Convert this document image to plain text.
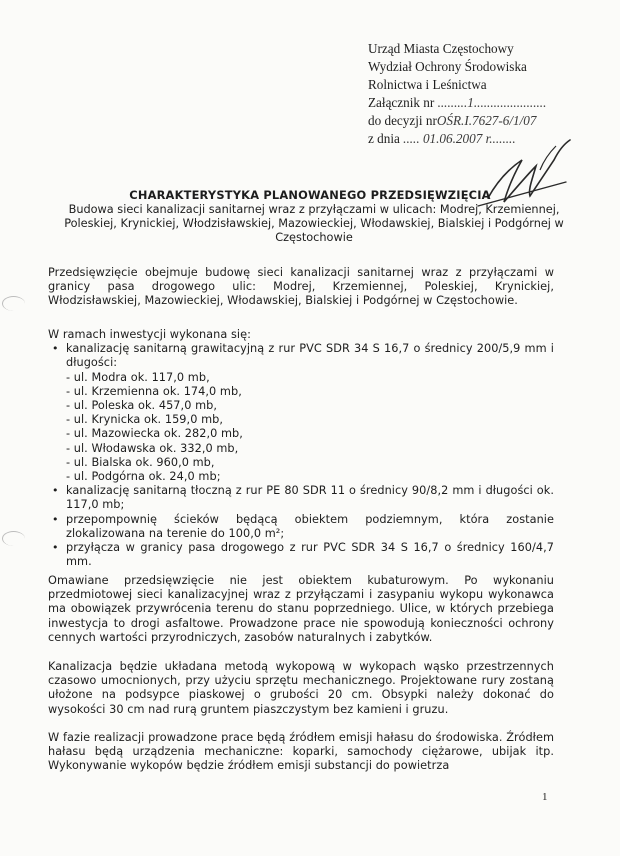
Urząd Miasta Częstochowy
Wydział Ochrony Środowiska
Rolnictwa i Leśnictwa
Załącznik nr .........1......................
do decyzji nrOŚR.I.7627-6/1/07
z dnia ..... 01.06.2007 r........
CHARAKTERYSTYKA PLANOWANEGO PRZEDSIĘWZIĘCIA
Budowa sieci kanalizacji sanitarnej wraz z przyłączami w ulicach: Modrej, Krzemiennej, Poleskiej, Krynickiej, Włodzisławskiej, Mazowieckiej, Włodawskiej, Bialskiej i Podgórnej w Częstochowie
Przedsięwzięcie obejmuje budowę sieci kanalizacji sanitarnej wraz z przyłączami w granicy pasa drogowego ulic: Modrej, Krzemiennej, Poleskiej, Krynickiej, Włodzisławskiej, Mazowieckiej, Włodawskiej, Bialskiej i Podgórnej w Częstochowie.
W ramach inwestycji wykonana się:
• kanalizację sanitarną grawitacyjną z rur PVC SDR 34 S 16,7 o średnicy 200/5,9 mm i długości:
- ul. Modra ok. 117,0 mb,
- ul. Krzemienna ok. 174,0 mb,
- ul. Poleska ok. 457,0 mb,
- ul. Krynicka ok. 159,0 mb,
- ul. Mazowiecka ok. 282,0 mb,
- ul. Włodawska ok. 332,0 mb,
- ul. Bialska ok. 960,0 mb,
- ul. Podgórna ok. 24,0 mb;
• kanalizację sanitarną tłoczną z rur PE 80 SDR 11 o średnicy 90/8,2 mm i długości ok. 117,0 mb;
• przepompownię ścieków będącą obiektem podziemnym, która zostanie zlokalizowana na terenie do 100,0 m²;
• przyłącza w granicy pasa drogowego z rur PVC SDR 34 S 16,7 o średnicy 160/4,7 mm.
Omawiane przedsięwzięcie nie jest obiektem kubaturowym. Po wykonaniu przedmiotowej sieci kanalizacyjnej wraz z przyłączami i zasypaniu wykopu wykonawca ma obowiązek przywrócenia terenu do stanu poprzedniego. Ulice, w których przebiega inwestycja to drogi asfaltowe. Prowadzone prace nie spowodują konieczności ochrony cennych wartości przyrodniczych, zasobów naturalnych i zabytków.
Kanalizacja będzie układana metodą wykopową w wykopach wąsko przestrzennych czasowo umocnionych, przy użyciu sprzętu mechanicznego. Projektowane rury zostaną ułożone na podsypce piaskowej o grubości 20 cm. Obsypki należy dokonać do wysokości 30 cm nad rurą gruntem piaszczystym bez kamieni i gruzu.
W fazie realizacji prowadzone prace będą źródłem emisji hałasu do środowiska. Źródłem hałasu będą urządzenia mechaniczne: koparki, samochody ciężarowe, ubijak itp. Wykonywanie wykopów będzie źródłem emisji substancji do powietrza
1
